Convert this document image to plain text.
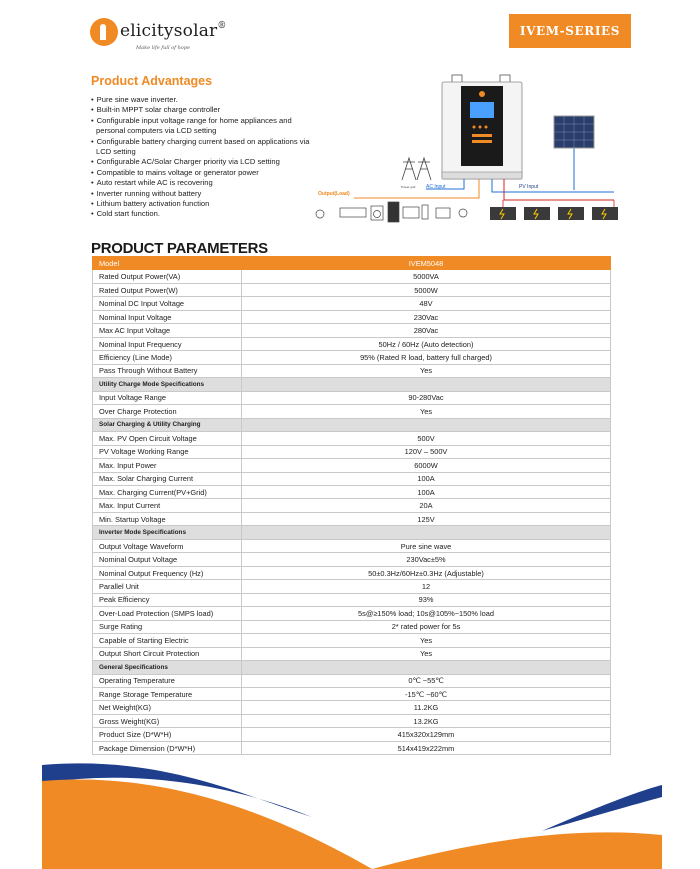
elicitysolar®
Make life full of hope
IVEM-SERIES
Product Advantages
• Pure sine wave inverter.
• Built-in MPPT solar charge controller
• Configurable input voltage range for home appliances and personal computers via LCD setting
• Configurable battery charging current based on applications via LCD setting
• Configurable AC/Solar Charger priority via LCD setting
• Compatible to mains voltage or generator power
• Auto restart while AC is recovering
• Inverter running without battery
• Lithium battery activation function
• Cold start function.
Power grid
Output(Load)
AC Input	PV Input
PRODUCT PARAMETERS
Model	IVEM5048
Rated Output Power(VA)	5000VA
Rated Output Power(W)	5000W
Nominal DC Input Voltage	48V
Nominal Input Voltage	230Vac
Max AC Input Voltage	280Vac
Nominal Input Frequency	50Hz / 60Hz (Auto detection)
Efficiency (Line Mode)	95% (Rated R load, battery full charged)
Pass Through Without Battery	Yes
Utility Charge Mode Specifications	
Input Voltage Range	90-280Vac
Over Charge Protection	Yes
Solar Charging & Utility Charging	
Max. PV Open Circuit Voltage	500V
PV Voltage Working Range	120V – 500V
Max. Input Power	6000W
Max. Solar Charging Current	100A
Max. Charging Current(PV+Grid)	100A
Max. Input Current	20A
Min. Startup Voltage	125V
Inverter Mode Specifications	
Output Voltage Waveform	Pure sine wave
Nominal Output Voltage	230Vac±5%
Nominal Output Frequency (Hz)	50±0.3Hz/60Hz±0.3Hz (Adjustable)
Parallel Unit	12
Peak Efficiency	93%
Over-Load Protection (SMPS load)	5s@≥150% load; 10s@105%~150% load
Surge Rating	2* rated power for 5s
Capable of Starting Electric	Yes
Output Short Circuit Protection	Yes
General Specifications	
Operating Temperature	0℃ ~55℃
Range Storage Temperature	-15℃ ~60℃
Net Weight(KG)	11.2KG
Gross Weight(KG)	13.2KG
Product Size (D*W*H)	415x320x129mm
Package Dimension (D*W*H)	514x419x222mm
